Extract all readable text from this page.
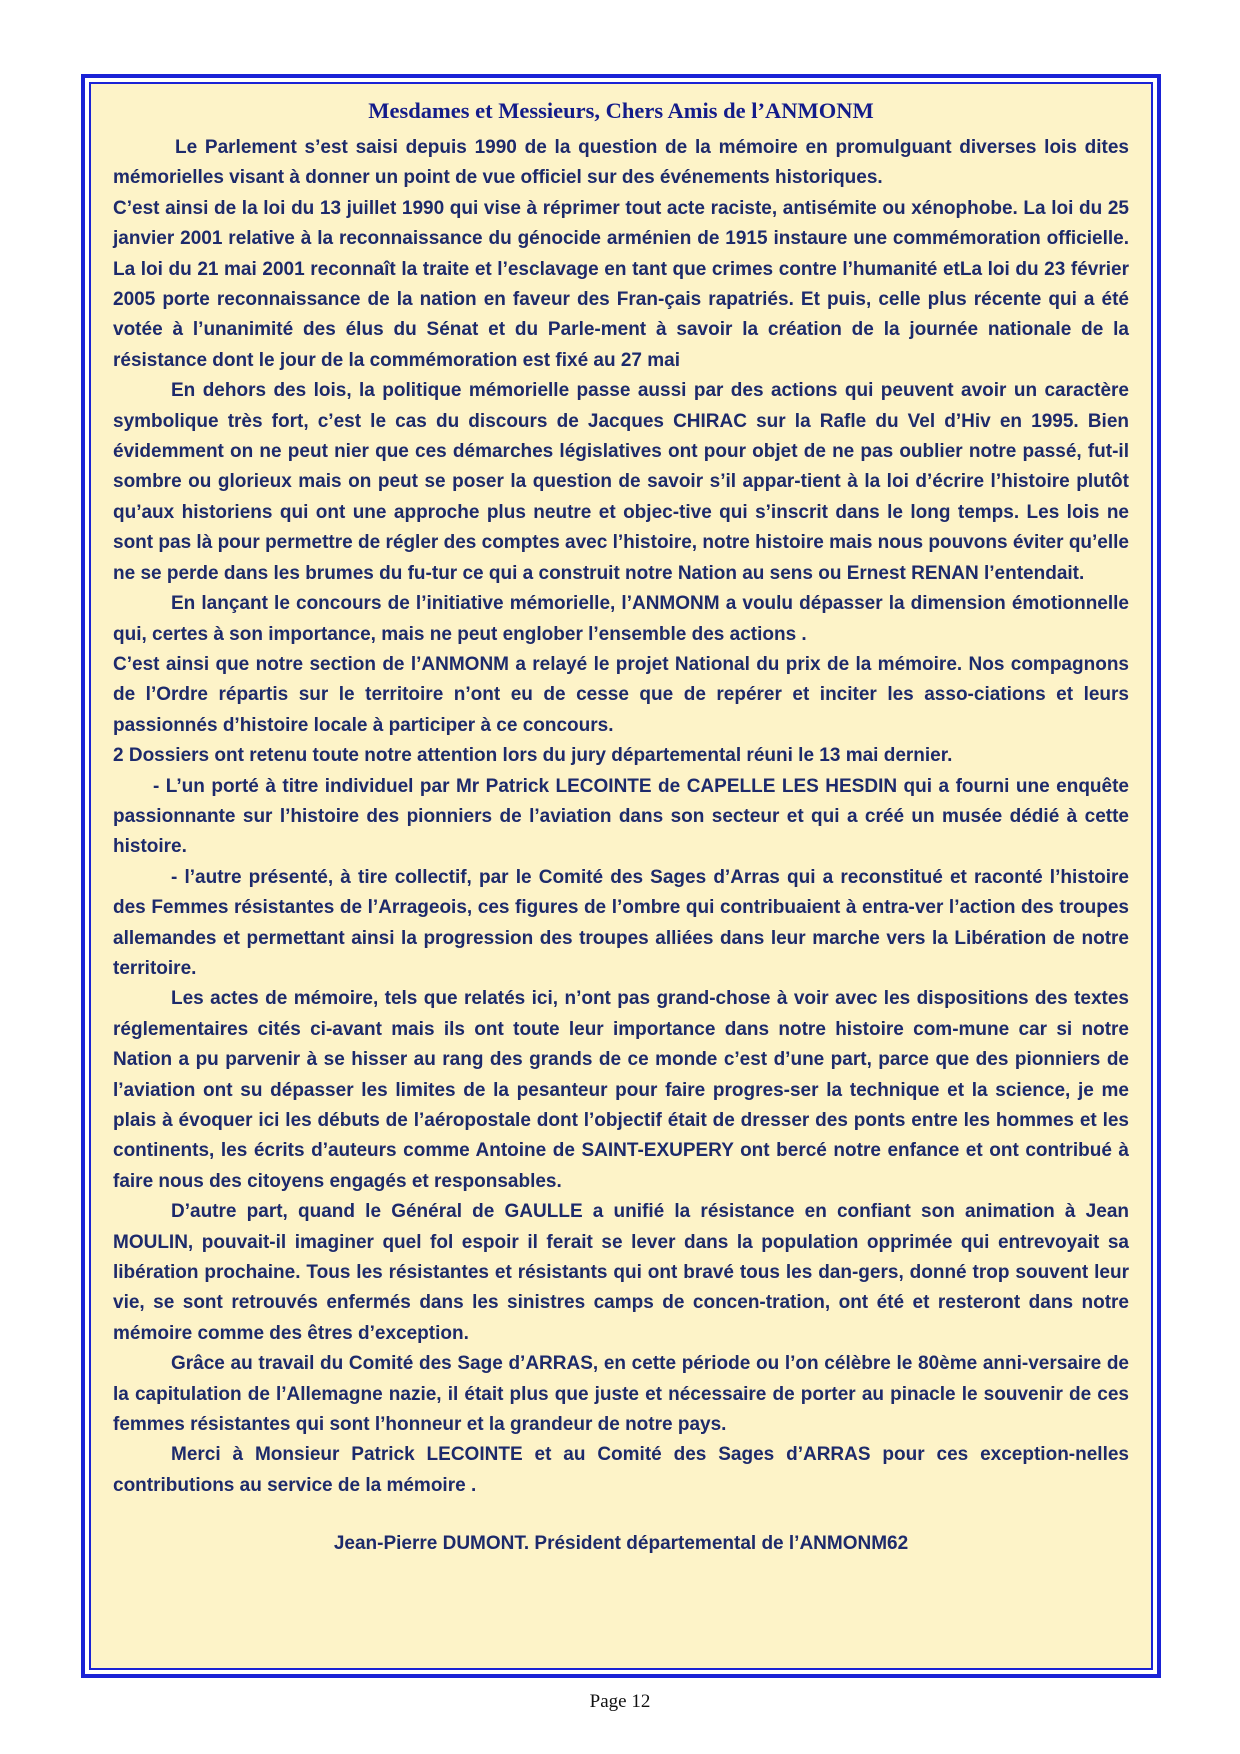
Mesdames et Messieurs, Chers Amis de l’ANMONM

Le Parlement s’est saisi depuis 1990 de la question de la mémoire en promulguant diverses lois dites mémorielles visant à donner un point de vue officiel sur des événements historiques.

C’est ainsi de la loi du 13 juillet 1990 qui vise à réprimer tout acte raciste, antisémite ou xénophobe. La loi du 25 janvier 2001 relative à la reconnaissance du génocide arménien de 1915 instaure une commémoration officielle. La loi du 21 mai 2001 reconnaît la traite et l’esclavage en tant que crimes contre l’humanité etLa loi du 23 février 2005 porte reconnaissance de la nation en faveur des Fran-çais rapatriés. Et puis, celle plus récente qui a été votée à l’unanimité des élus du Sénat et du Parle-ment à savoir la création de la journée nationale de la résistance dont le jour de la commémoration est fixé au 27 mai

En dehors des lois, la politique mémorielle passe aussi par des actions qui peuvent avoir un caractère symbolique très fort, c’est le cas du discours de Jacques CHIRAC sur la Rafle du Vel d’Hiv en 1995. Bien évidemment on ne peut nier que ces démarches législatives ont pour objet de ne pas oublier notre passé, fut-il sombre ou glorieux mais on peut se poser la question de savoir s’il appar-tient à la loi d’écrire l’histoire plutôt qu’aux historiens qui ont une approche plus neutre et objec-tive qui s’inscrit dans le long temps. Les lois ne sont pas là pour permettre de régler des comptes avec l’histoire, notre histoire mais nous pouvons éviter qu’elle ne se perde dans les brumes du fu-tur ce qui a construit notre Nation au sens ou Ernest RENAN l’entendait.

En lançant le concours de l’initiative mémorielle, l’ANMONM a voulu dépasser la dimension émotionnelle qui, certes à son importance, mais ne peut englober l’ensemble des actions .

C’est ainsi que notre section de l’ANMONM a relayé le projet National du prix de la mémoire. Nos compagnons de l’Ordre répartis sur le territoire n’ont eu de cesse que de repérer et inciter les asso-ciations et leurs passionnés d’histoire locale à participer à ce concours.

2 Dossiers ont retenu toute notre attention lors du jury départemental réuni le 13 mai dernier.

- L’un porté à titre individuel par Mr Patrick LECOINTE de CAPELLE LES HESDIN qui a fourni une enquête passionnante sur l’histoire des pionniers de l’aviation dans son secteur et qui a créé un musée dédié à cette histoire.

- l’autre présenté, à tire collectif, par le Comité des Sages d’Arras qui a reconstitué et raconté l’histoire des Femmes résistantes de l’Arrageois, ces figures de l’ombre qui contribuaient à entra-ver l’action des troupes allemandes et permettant ainsi la progression des troupes alliées dans leur marche vers la Libération de notre territoire.

Les actes de mémoire, tels que relatés ici, n’ont pas grand-chose à voir avec les dispositions des textes réglementaires cités ci-avant mais ils ont toute leur importance dans notre histoire com-mune car si notre Nation a pu parvenir à se hisser au rang des grands de ce monde c’est d’une part, parce que des pionniers de l’aviation ont su dépasser les limites de la pesanteur pour faire progres-ser la technique et la science, je me plais à évoquer ici les débuts de l’aéropostale dont l’objectif était de dresser des ponts entre les hommes et les continents, les écrits d’auteurs comme Antoine de SAINT-EXUPERY ont bercé notre enfance et ont contribué à faire nous des citoyens engagés et responsables.

D’autre part, quand le Général de GAULLE a unifié la résistance en confiant son animation à Jean MOULIN, pouvait-il imaginer quel fol espoir il ferait se lever dans la population opprimée qui entrevoyait sa libération prochaine. Tous les résistantes et résistants qui ont bravé tous les dan-gers, donné trop souvent leur vie, se sont retrouvés enfermés dans les sinistres camps de concen-tration, ont été et resteront dans notre mémoire comme des êtres d’exception.

Grâce au travail du Comité des Sage d’ARRAS, en cette période ou l’on célèbre le 80ème anni-versaire de la capitulation de l’Allemagne nazie, il était plus que juste et nécessaire de porter au pinacle le souvenir de ces femmes résistantes qui sont l’honneur et la grandeur de notre pays.

Merci à Monsieur Patrick LECOINTE et au Comité des Sages d’ARRAS pour ces exception-nelles contributions au service de la mémoire .

Jean-Pierre DUMONT. Président départemental de l’ANMONM62
Page 12
